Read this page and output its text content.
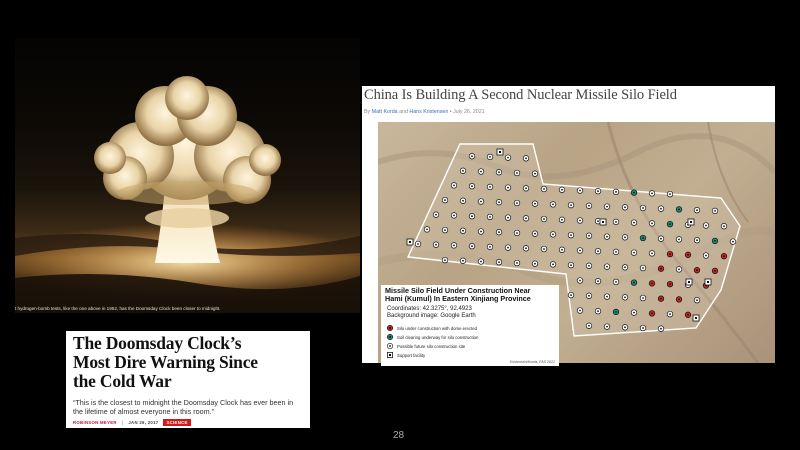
t hydrogen-bomb tests, like the one above in 1952, has the Doomsday Clock been closer to midnight.
The Doomsday Clock’s
Most Dire Warning Since
the Cold War
“This is the closest to midnight the Doomsday Clock has ever been in the lifetime of almost everyone in this room.”
ROBINSON MEYER | JAN 26, 2017	SCIENCE
China Is Building A Second Nuclear Missile Silo Field
By Matt Korda and Hans Kristensen • July 26, 2021
Missile Silo Field Under Construction Near
Hami (Kumul) In Eastern Xinjiang Province
Coordinates: 42.3275°, 92.4923
Background image: Google Earth
Silo under construction with dome erected
Soil clearing underway for silo construction
Possible future silo construction site
Support facility
Kristensen/Korda, FAS 2021
28
